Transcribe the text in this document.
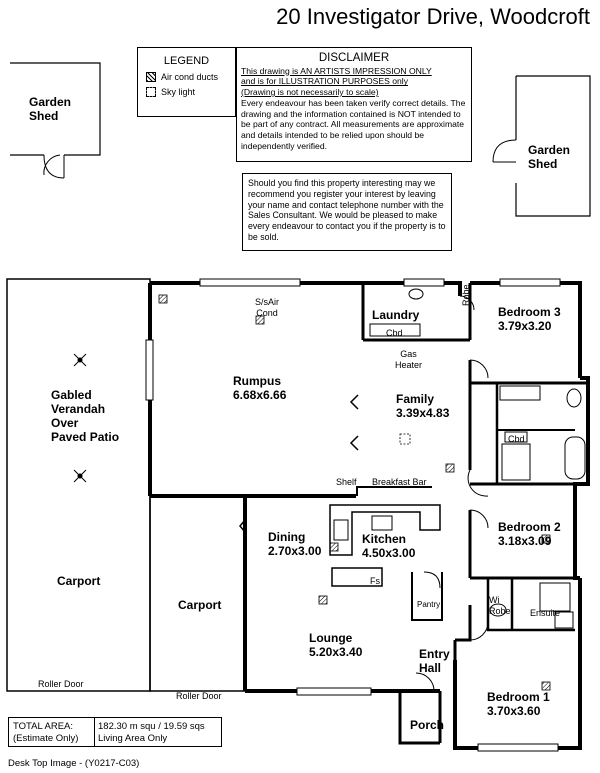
20 Investigator Drive, Woodcroft
LEGEND
Air cond ducts
Sky light
DISCLAIMER
This drawing is AN ARTISTS IMPRESSION ONLY
and is for ILLUSTRATION PURPOSES only
(Drawing is not necessarily to scale)
Every endeavour has been taken verify correct details. The drawing and the information contained is NOT intended to be part of any contract. All measurements are approximate and details intended to be relied upon should be independently verified.
Should you find this property interesting may we recommend you register your interest by leaving your name and contact telephone number with the Sales Consultant. We would be pleased to make every endeavour to contact you if the property is to be sold.
Garden
Shed
Garden
Shed
Gabled
Verandah
Over
Paved Patio
Carport
Carport
Roller Door
Roller Door
Rumpus
6.68x6.66
S/sAir
Cond	Laundry
Cbd
Robe
Gas
Heater
Family
3.39x4.83
Bedroom 3
3.79x3.20
Cbd
Shelf Breakfast Bar
Dining
2.70x3.00
Kitchen
4.50x3.00
Fs
Pantry
Bedroom 2
3.18x3.09
Wi
Robe Ensuite
Lounge
5.20x3.40	Entry
Hall
Bedroom 1
3.70x3.60
Porch
TOTAL AREA:
(Estimate Only)
182.30 m squ / 19.59 sqs
Living Area Only
Desk Top Image - (Y0217-C03)
